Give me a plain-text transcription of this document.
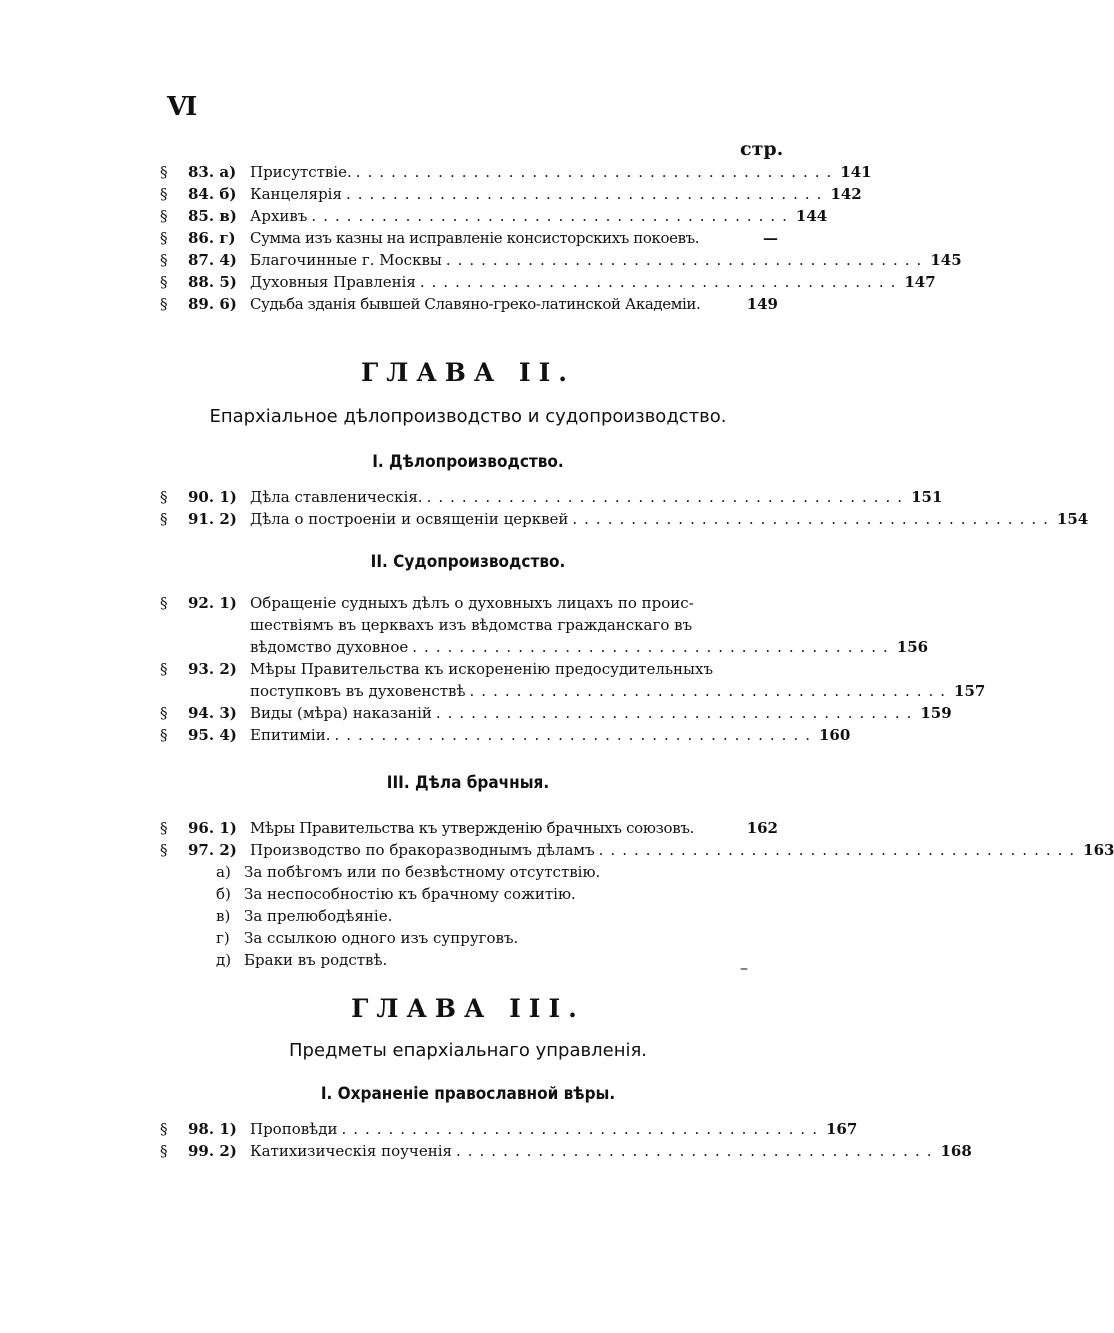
VI
стр.
§	83. а) Присутствіе. ......................................... 141
§	84. б) Канцелярія ......................................... 142
§	85. в) Архивъ ......................................... 144
§	86. г) Сумма изъ казны на исправленіе консисторскихъ покоевъ.	—
§	87. 4) Благочинные г. Москвы ......................................... 145
§	88. 5) Духовныя Правленія ......................................... 147
§	89. 6) Судьба зданія бывшей Славяно-греко-латинской Академіи.	149
ГЛАВА II.
Епархіальное дѣлопроизводство и судопроизводство.
I. Дѣлопроизводство.
§	90. 1) Дѣла ставленическія. ......................................... 151
§	91. 2) Дѣла о построеніи и освященіи церквей ......................................... 154
II. Судопроизводство.
§	92. 1) Обращеніе судныхъ дѣлъ о духовныхъ лицахъ по проис-
шествіямъ въ церквахъ изъ вѣдомства гражданскаго въ
вѣдомство духовное ......................................... 156
§	93. 2) Мѣры Правительства къ искорененію предосудительныхъ
поступковъ въ духовенствѣ ......................................... 157
§	94. 3) Виды (мѣра) наказаній ......................................... 159
§	95. 4) Епитиміи. ......................................... 160
III. Дѣла брачныя.
§	96. 1) Мѣры Правительства къ утвержденію брачныхъ союзовъ.	162
§	97. 2) Производство по бракоразводнымъ дѣламъ ......................................... 163
а) За побѣгомъ или по безвѣстному отсутствію.
б) За неспособностію къ брачному сожитію.
в) За прелюбодѣяніе.
г) За ссылкою одного изъ супруговъ.
д) Браки въ родствѣ.	–
ГЛАВА III.
Предметы епархіальнаго управленія.
I. Охраненіе православной вѣры.
§	98. 1) Проповѣди ......................................... 167
§	99. 2) Катихизическія поученія ......................................... 168
